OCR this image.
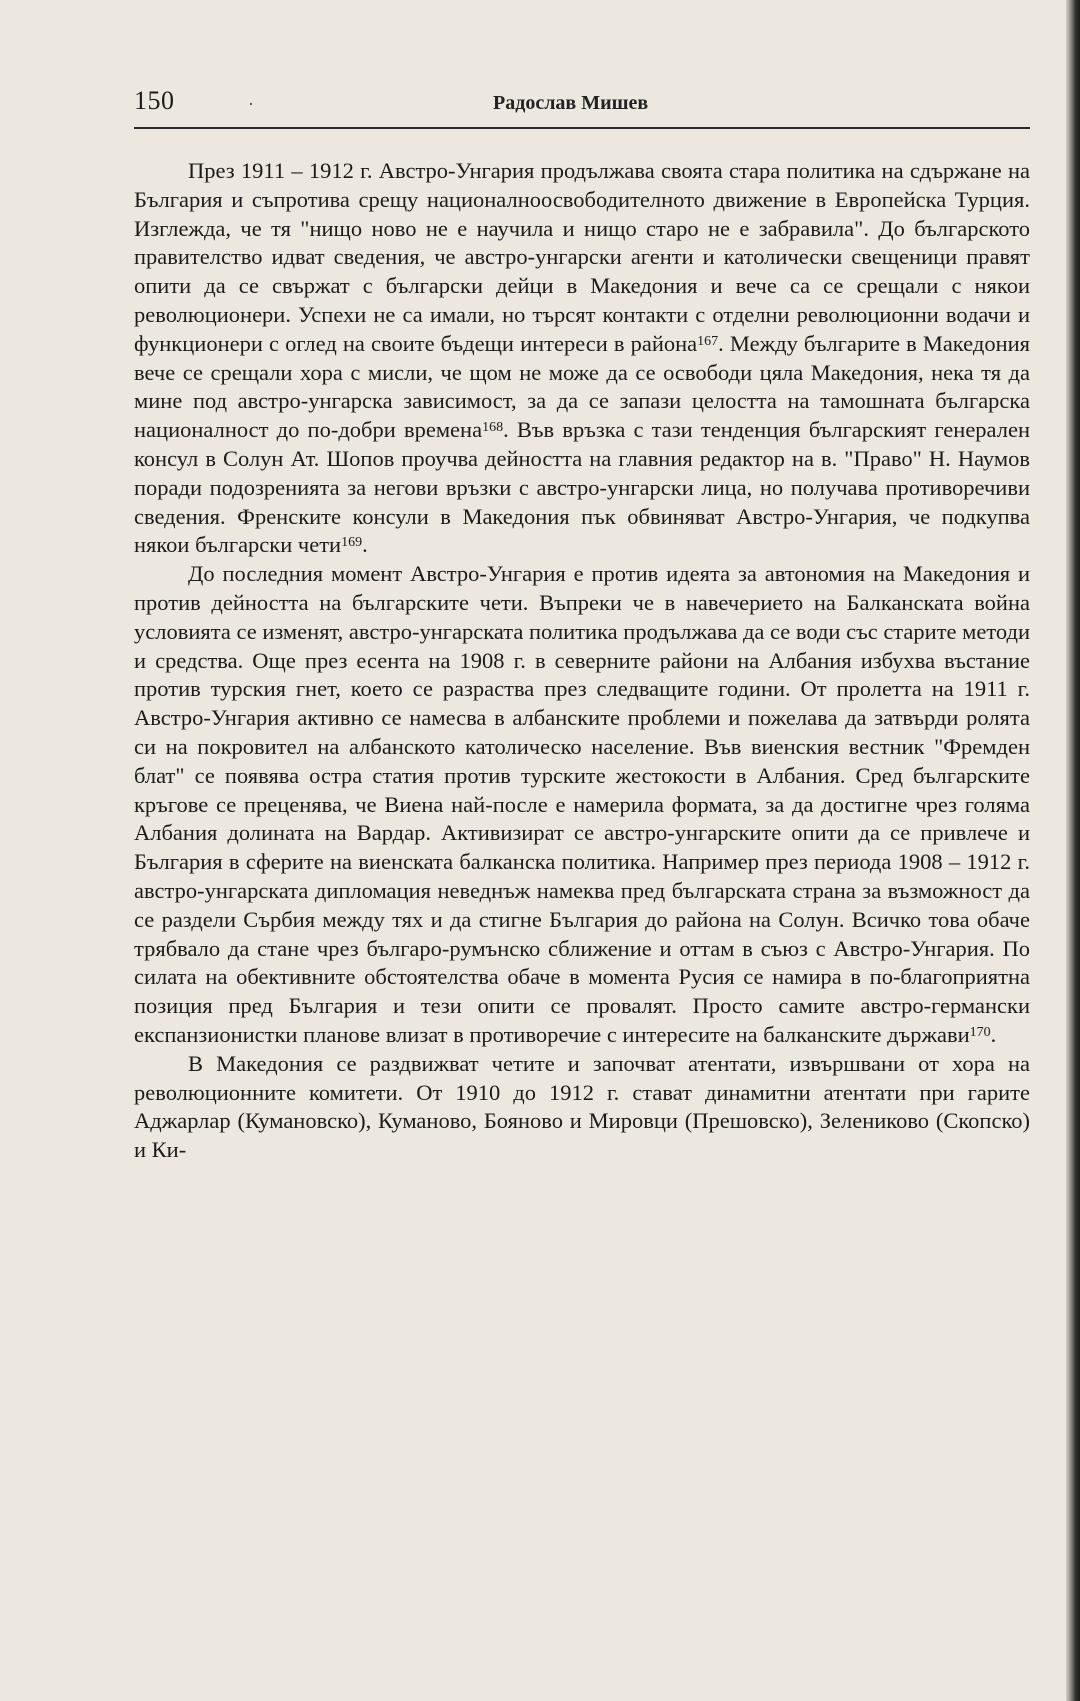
150	·	Радослав Мишев

През 1911 – 1912 г. Австро-Унгария продължава своята стара политика на сдържане на България и съпротива срещу националноосвободителното движение в Европейска Турция. Изглежда, че тя "нищо ново не е научила и нищо старо не е забравила". До българското правителство идват сведения, че австро-унгарски агенти и католически свещеници правят опити да се свържат с български дейци в Македония и вече са се срещали с някои революционери. Успехи не са имали, но търсят контакти с отделни революционни водачи и функционери с оглед на своите бъдещи интереси в района$^{167}$. Между българите в Македония вече се срещали хора с мисли, че щом не може да се освободи цяла Македония, нека тя да мине под австро-унгарска зависимост, за да се запази целостта на тамошната българска националност до по-добри времена$^{168}$. Във връзка с тази тенденция българският генерален консул в Солун Ат. Шопов проучва дейността на главния редактор на в. "Право" Н. Наумов поради подозренията за негови връзки с австро-унгарски лица, но получава противоречиви сведения. Френските консули в Македония пък обвиняват Австро-Унгария, че подкупва някои български чети$^{169}$.

До последния момент Австро-Унгария е против идеята за автономия на Македония и против дейността на българските чети. Въпреки че в навечерието на Балканската война условията се изменят, австро-унгарската политика продължава да се води със старите методи и средства. Още през есента на 1908 г. в северните райони на Албания избухва въстание против турския гнет, което се разраства през следващите години. От пролетта на 1911 г. Австро-Унгария активно се намесва в албанските проблеми и пожелава да затвърди ролята си на покровител на албанското католическо население. Във виенския вестник "Фремден блат" се появява остра статия против турските жестокости в Албания. Сред българските кръгове се преценява, че Виена най-после е намерила формата, за да достигне чрез голяма Албания долината на Вардар. Активизират се австро-унгарските опити да се привлече и България в сферите на виенската балканска политика. Например през периода 1908 – 1912 г. австро-унгарската дипломация неведнъж намеква пред българската страна за възможност да се раздели Сърбия между тях и да стигне България до района на Солун. Всичко това обаче трябвало да стане чрез българо-румънско сближение и оттам в съюз с Австро-Унгария. По силата на обективните обстоятелства обаче в момента Русия се намира в по-благоприятна позиция пред България и тези опити се провалят. Просто самите австро-германски експанзионистки планове влизат в противоречие с интересите на балканските държави$^{170}$.

В Македония се раздвижват четите и започват атентати, извършвани от хора на революционните комитети. От 1910 до 1912 г. стават динамитни атентати при гарите Аджарлар (Кумановско), Куманово, Бояново и Мировци (Прешовско), Зелениково (Скопско) и Ки-
